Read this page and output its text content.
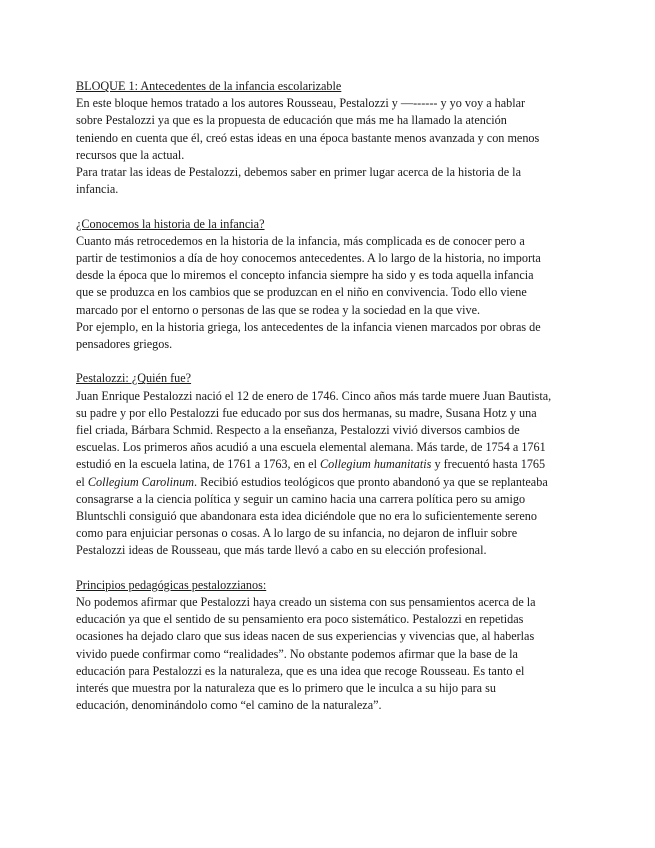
BLOQUE 1: Antecedentes de la infancia escolarizable

En este bloque hemos tratado a los autores Rousseau, Pestalozzi y —------ y yo voy a hablar
sobre Pestalozzi ya que es la propuesta de educación que más me ha llamado la atención
teniendo en cuenta que él, creó estas ideas en una época bastante menos avanzada y con menos
recursos que la actual.

Para tratar las ideas de Pestalozzi, debemos saber en primer lugar acerca de la historia de la
infancia.

¿Conocemos la historia de la infancia?

Cuanto más retrocedemos en la historia de la infancia, más complicada es de conocer pero a
partir de testimonios a día de hoy conocemos antecedentes. A lo largo de la historia, no importa
desde la época que lo miremos el concepto infancia siempre ha sido y es toda aquella infancia
que se produzca en los cambios que se produzcan en el niño en convivencia. Todo ello viene
marcado por el entorno o personas de las que se rodea y la sociedad en la que vive.

Por ejemplo, en la historia griega, los antecedentes de la infancia vienen marcados por obras de
pensadores griegos.

Pestalozzi: ¿Quién fue?

Juan Enrique Pestalozzi nació el 12 de enero de 1746. Cinco años más tarde muere Juan Bautista,
su padre y por ello Pestalozzi fue educado por sus dos hermanas, su madre, Susana Hotz y una
fiel criada, Bárbara Schmid. Respecto a la enseñanza, Pestalozzi vivió diversos cambios de
escuelas. Los primeros años acudió a una escuela elemental alemana. Más tarde, de 1754 a 1761
estudió en la escuela latina, de 1761 a 1763, en el Collegium humanitatis y frecuentó hasta 1765
el Collegium Carolinum. Recibió estudios teológicos que pronto abandonó ya que se replanteaba
consagrarse a la ciencia política y seguir un camino hacia una carrera política pero su amigo
Bluntschli consiguió que abandonara esta idea diciéndole que no era lo suficientemente sereno
como para enjuiciar personas o cosas. A lo largo de su infancia, no dejaron de influir sobre
Pestalozzi ideas de Rousseau, que más tarde llevó a cabo en su elección profesional.

Principios pedagógicas pestalozzianos:

No podemos afirmar que Pestalozzi haya creado un sistema con sus pensamientos acerca de la
educación ya que el sentido de su pensamiento era poco sistemático. Pestalozzi en repetidas
ocasiones ha dejado claro que sus ideas nacen de sus experiencias y vivencias que, al haberlas
vivido puede confirmar como “realidades”. No obstante podemos afirmar que la base de la
educación para Pestalozzi es la naturaleza, que es una idea que recoge Rousseau. Es tanto el
interés que muestra por la naturaleza que es lo primero que le inculca a su hijo para su
educación, denominándolo como “el camino de la naturaleza”.
